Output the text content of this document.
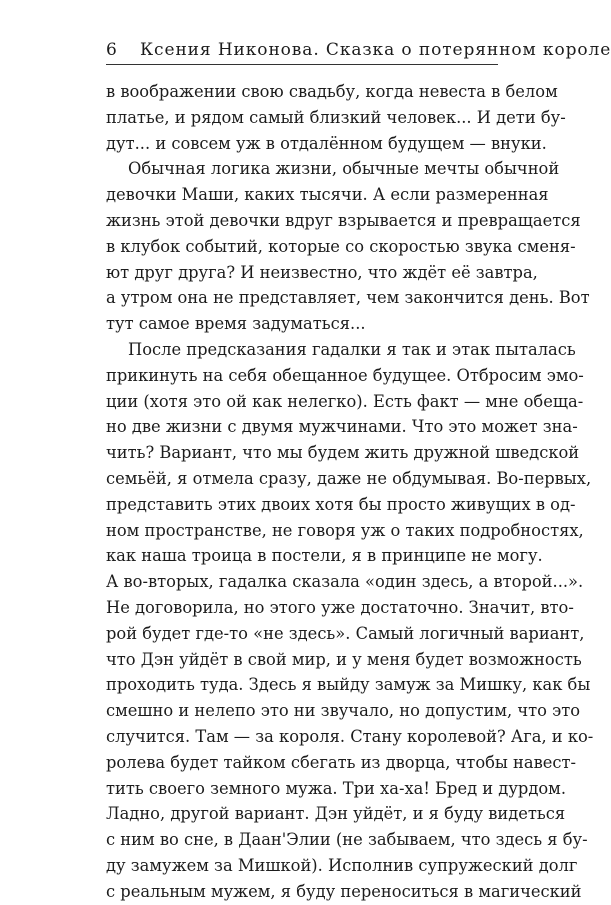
6 Ксения Никонова. Сказка о потерянном короле
в воображении свою свадьбу, когда невеста в белом
платье, и рядом самый близкий человек... И дети бу-
дут... и совсем уж в отдалённом будущем — внуки.
Обычная логика жизни, обычные мечты обычной
девочки Маши, каких тысячи. А если размеренная
жизнь этой девочки вдруг взрывается и превращается
в клубок событий, которые со скоростью звука сменя-
ют друг друга? И неизвестно, что ждёт её завтра,
а утром она не представляет, чем закончится день. Вот
тут самое время задуматься...
После предсказания гадалки я так и этак пыталась
прикинуть на себя обещанное будущее. Отбросим эмо-
ции (хотя это ой как нелегко). Есть факт — мне обеща-
но две жизни с двумя мужчинами. Что это может зна-
чить? Вариант, что мы будем жить дружной шведской
семьёй, я отмела сразу, даже не обдумывая. Во-первых,
представить этих двоих хотя бы просто живущих в од-
ном пространстве, не говоря уж о таких подробностях,
как наша троица в постели, я в принципе не могу.
А во-вторых, гадалка сказала «один здесь, а второй...».
Не договорила, но этого уже достаточно. Значит, вто-
рой будет где-то «не здесь». Самый логичный вариант,
что Дэн уйдёт в свой мир, и у меня будет возможность
проходить туда. Здесь я выйду замуж за Мишку, как бы
смешно и нелепо это ни звучало, но допустим, что это
случится. Там — за короля. Стану королевой? Ага, и ко-
ролева будет тайком сбегать из дворца, чтобы навест-
тить своего земного мужа. Три ха-ха! Бред и дурдом.
Ладно, другой вариант. Дэн уйдёт, и я буду видеться
с ним во сне, в Даан'Элии (не забываем, что здесь я бу-
ду замужем за Мишкой). Исполнив супружеский долг
с реальным мужем, я буду переноситься в магический
